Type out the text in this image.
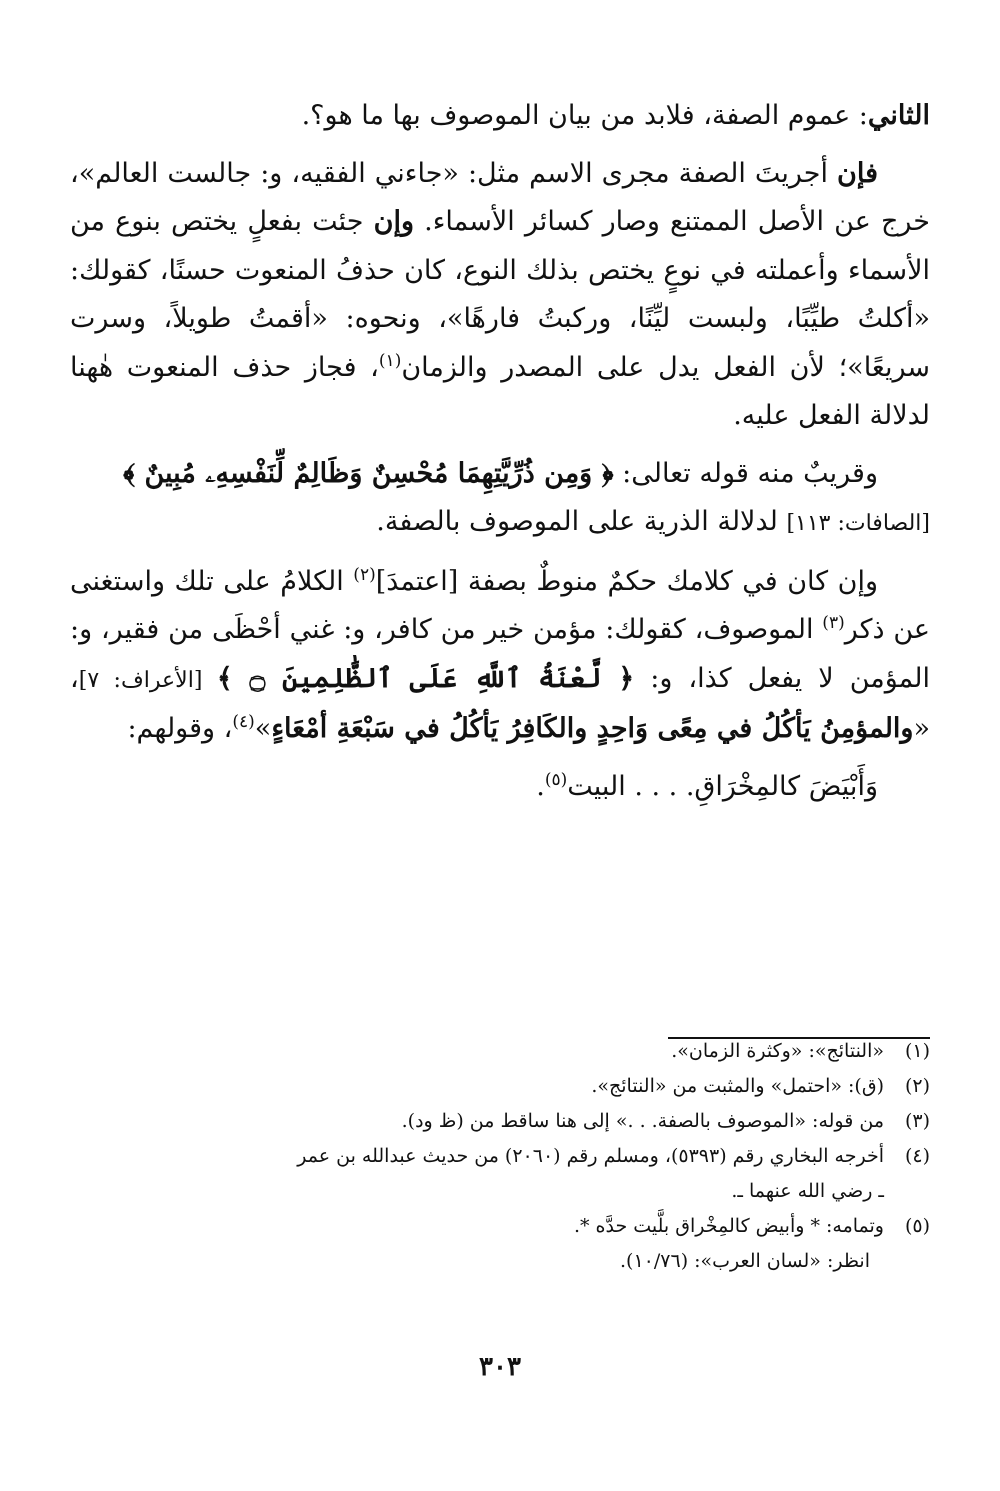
الثاني: عموم الصفة، فلابد من بيان الموصوف بها ما هو؟.

فإن أجريتَ الصفة مجرى الاسم مثل: «جاءني الفقيه، و: جالست العالم»، خرج عن الأصل الممتنع وصار كسائر الأسماء. وإن جئت بفعلٍ يختص بنوع من الأسماء وأعملته في نوعٍ يختص بذلك النوع، كان حذفُ المنعوت حسنًا، كقولك: «أكلتُ طيِّبًا، ولبست ليِّنًا، وركبتُ فارهًا»، ونحوه: «أقمتُ طويلاً، وسرت سريعًا»؛ لأن الفعل يدل على المصدر والزمان$^{(١)}$، فجاز حذف المنعوت هٰهنا لدلالة الفعل عليه.

وقريبٌ منه قوله تعالى: ﴿ وَمِن ذُرِّيَّتِهِمَا مُحْسِنٌ وَظَالِمٌ لِّنَفْسِهِۦ مُبِينٌ ﴾
[الصافات: ١١٣] لدلالة الذرية على الموصوف بالصفة.

وإن كان في كلامك حكمٌ منوطٌ بصفة [اعتمدَ]$^{(٢)}$ الكلامُ على تلك واستغنى عن ذكر$^{(٣)}$ الموصوف، كقولك: مؤمن خير من كافر، و: غني أحْظَى من فقير، و: المؤمن لا يفعل كذا، و: ﴿ لَّعْنَةُ ٱللَّهِ عَلَى ٱلظَّٰلِمِينَ ۝ ﴾ [الأعراف: ٧]، «والمؤمِنُ يَأكُلُ في مِعًى وَاحِدٍ والكَافِرُ يَأكُلُ في سَبْعَةِ أمْعَاءٍ»$^{(٤)}$، وقولهم:

وَأَبْيَضَ كالمِخْرَاقِ. . . . البيت$^{(٥)}$.

(١)
«النتائج»: «وكثرة الزمان».
(٢)
(ق): «احتمل» والمثبت من «النتائج».
(٣)
من قوله: «الموصوف بالصفة. . .» إلى هنا ساقط من (ظ ود).
(٤)
أخرجه البخاري رقم (٥٣٩٣)، ومسلم رقم (٢٠٦٠) من حديث عبدالله بن عمر
ـ رضي الله عنهما ـ.
(٥)
وتمامه: * وأبيض كالمِخْراق بلَّيت حدَّه *.
انظر: «لسان العرب»: (١٠/٧٦).
٣٠٣
